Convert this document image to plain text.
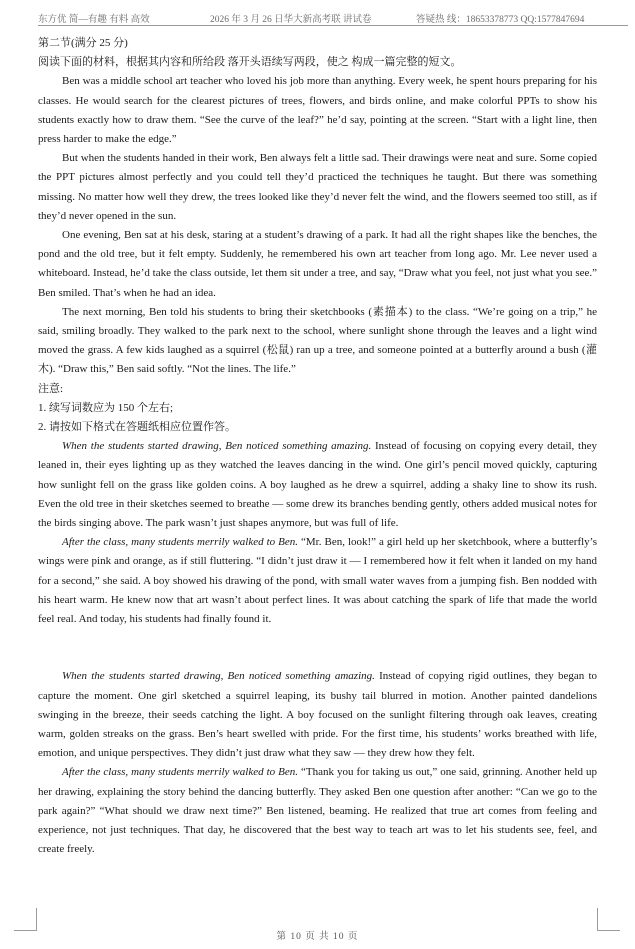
东方优 简—有趣 有料 高效	2026 年 3 月 26 日华大新高考联 讲试卷	答疑热 线：18653378773 QQ:1577847694

第二节(满分 25 分)

阅读下面的材料，根据其内容和所给段 落开头语续写两段，使之 构成一篇完整的短文。

Ben was a middle school art teacher who loved his job more than anything. Every week, he spent hours preparing for his classes. He would search for the clearest pictures of trees, flowers, and birds online, and make colorful PPTs to show his students exactly how to draw them. “See the curve of the leaf?” he’d say, pointing at the screen. “Start with a light line, then press harder to make the edge.”

But when the students handed in their work, Ben always felt a little sad. Their drawings were neat and sure. Some copied the PPT pictures almost perfectly and you could tell they’d practiced the techniques he taught. But there was something missing. No matter how well they drew, the trees looked like they’d never felt the wind, and the flowers seemed too still, as if they’d never opened in the sun.

One evening, Ben sat at his desk, staring at a student’s drawing of a park. It had all the right shapes like the benches, the pond and the old tree, but it felt empty. Suddenly, he remembered his own art teacher from long ago. Mr. Lee never used a whiteboard. Instead, he’d take the class outside, let them sit under a tree, and say, “Draw what you feel, not just what you see.” Ben smiled. That’s when he had an idea.

The next morning, Ben told his students to bring their sketchbooks (素描本) to the class. “We’re going on a trip,” he said, smiling broadly. They walked to the park next to the school, where sunlight shone through the leaves and a light wind moved the grass. A few kids laughed as a squirrel (松鼠) ran up a tree, and someone pointed at a butterfly around a bush (灌木). “Draw this,” Ben said softly. “Not the lines. The life.”

注意:

1. 续写词数应为 150 个左右;

2. 请按如下格式在答题纸相应位置作答。

When the students started drawing, Ben noticed something amazing. Instead of focusing on copying every detail, they leaned in, their eyes lighting up as they watched the leaves dancing in the wind. One girl’s pencil moved quickly, capturing how sunlight fell on the grass like golden coins. A boy laughed as he drew a squirrel, adding a shaky line to show its rush. Even the old tree in their sketches seemed to breathe — some drew its branches bending gently, others added musical notes for the birds singing above. The park wasn’t just shapes anymore, but was full of life.

After the class, many students merrily walked to Ben. “Mr. Ben, look!” a girl held up her sketchbook, where a butterfly’s wings were pink and orange, as if still fluttering. “I didn’t just draw it — I remembered how it felt when it landed on my hand for a second,” she said. A boy showed his drawing of the pond, with small water waves from a jumping fish. Ben nodded with his heart warm. He knew now that art wasn’t about perfect lines. It was about catching the spark of life that made the world feel real. And today, his students had finally found it.

When the students started drawing, Ben noticed something amazing. Instead of copying rigid outlines, they began to capture the moment. One girl sketched a squirrel leaping, its bushy tail blurred in motion. Another painted dandelions swinging in the breeze, their seeds catching the light. A boy focused on the sunlight filtering through oak leaves, creating warm, golden streaks on the grass. Ben’s heart swelled with pride. For the first time, his students’ works breathed with life, emotion, and unique perspectives. They didn’t just draw what they saw — they drew how they felt.

After the class, many students merrily walked to Ben. “Thank you for taking us out,” one said, grinning. Another held up her drawing, explaining the story behind the dancing butterfly. They asked Ben one question after another: “Can we go to the park again?” “What should we draw next time?” Ben listened, beaming. He realized that true art comes from feeling and experience, not just techniques. That day, he discovered that the best way to teach art was to let his students see, feel, and create freely.

第 10 页 共 10 页
